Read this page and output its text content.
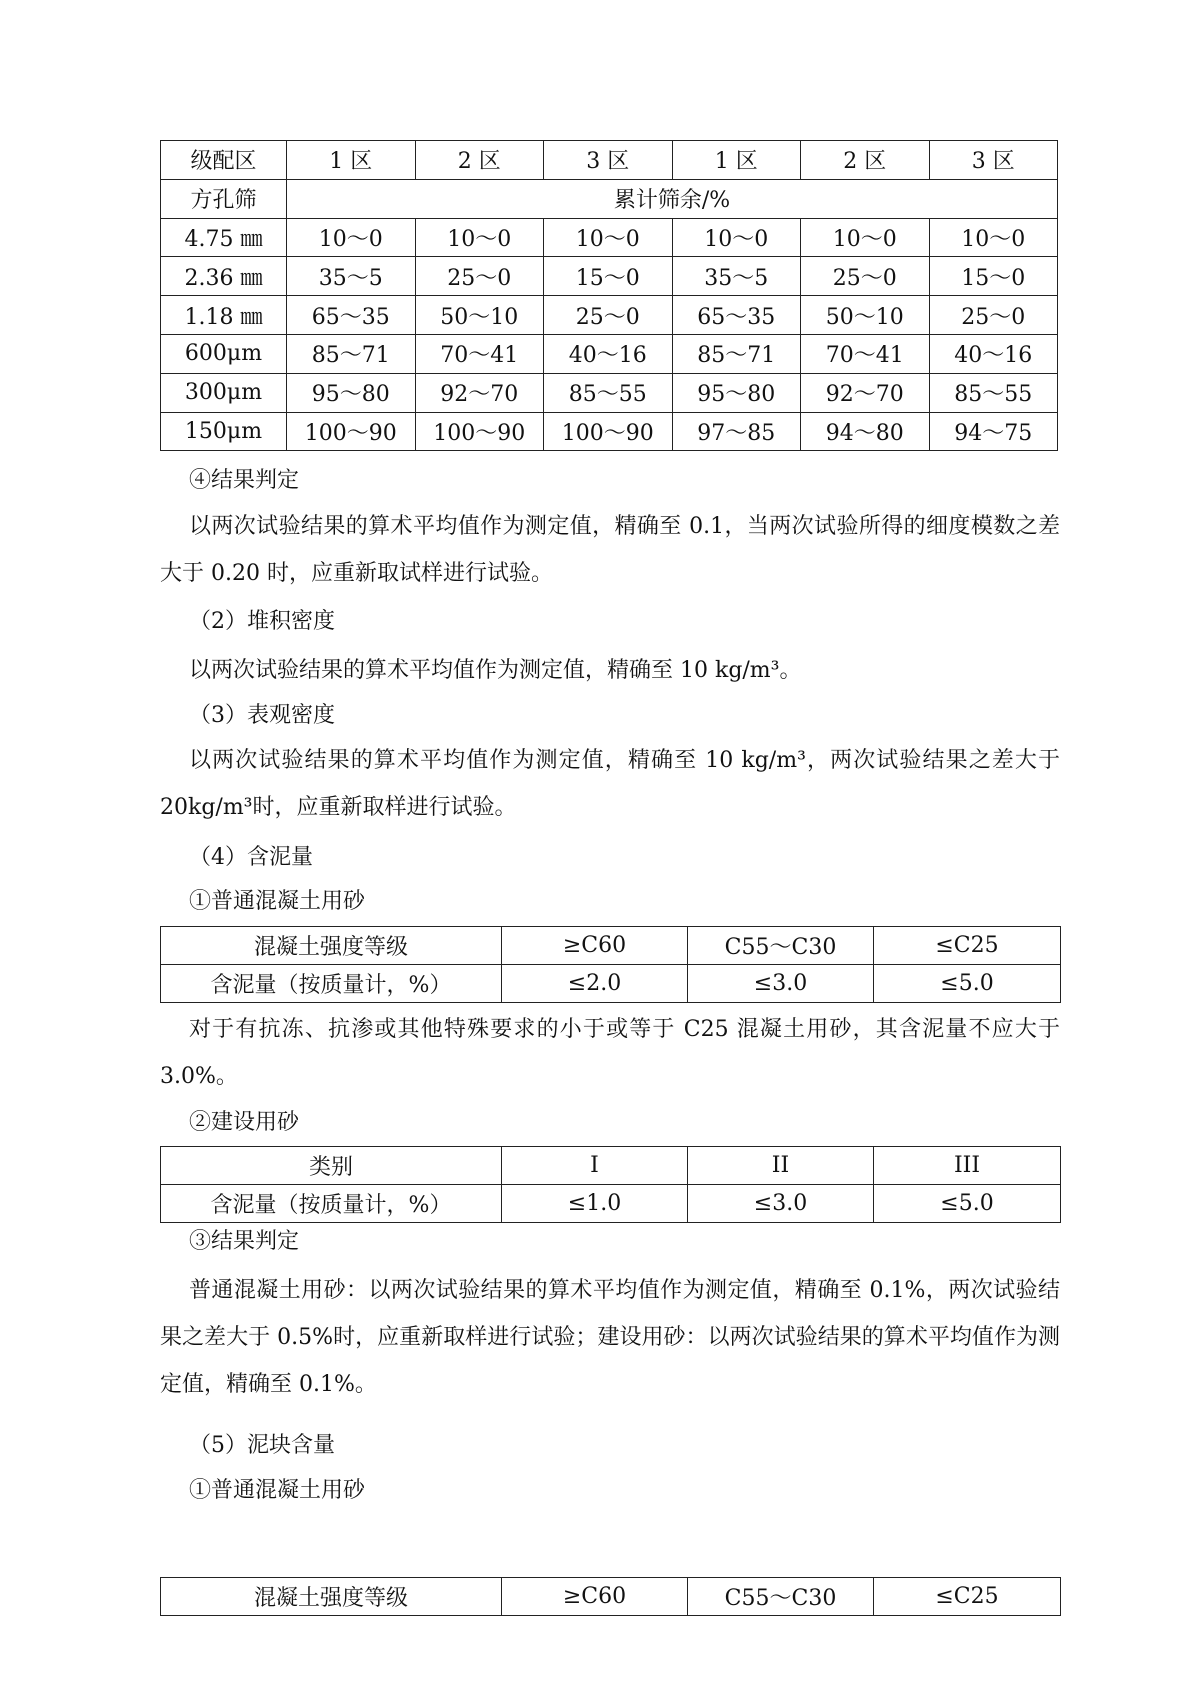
级配区	1 区	2 区	3 区	1 区	2 区	3 区
方孔筛	累计筛余/%					
4.75 ㎜	10～0	10～0	10～0	10～0	10～0	10～0
2.36 ㎜	35～5	25～0	15～0	35～5	25～0	15～0
1.18 ㎜	65～35	50～10	25～0	65～35	50～10	25～0
600μm	85～71	70～41	40～16	85～71	70～41	40～16
300μm	95～80	92～70	85～55	95～80	92～70	85～55
150μm	100～90	100～90	100～90	97～85	94～80	94～75

④结果判定

以两次试验结果的算术平均值作为测定值，精确至 0.1，当两次试验所得的细度模数之差大于 0.20 时，应重新取试样进行试验。

（2）堆积密度

以两次试验结果的算术平均值作为测定值，精确至 10 kg/m³。

（3）表观密度

以两次试验结果的算术平均值作为测定值，精确至 10 kg/m³，两次试验结果之差大于 20kg/m³时，应重新取样进行试验。

（4）含泥量

①普通混凝土用砂

混凝土强度等级	≥C60	C55～C30	≤C25
含泥量（按质量计，%）	≤2.0	≤3.0	≤5.0

对于有抗冻、抗渗或其他特殊要求的小于或等于 C25 混凝土用砂，其含泥量不应大于 3.0%。

②建设用砂

类别	I	II	III
含泥量（按质量计，%）	≤1.0	≤3.0	≤5.0

③结果判定

普通混凝土用砂：以两次试验结果的算术平均值作为测定值，精确至 0.1%，两次试验结果之差大于 0.5%时，应重新取样进行试验；建设用砂：以两次试验结果的算术平均值作为测定值，精确至 0.1%。

（5）泥块含量

①普通混凝土用砂

混凝土强度等级	≥C60	C55～C30	≤C25
